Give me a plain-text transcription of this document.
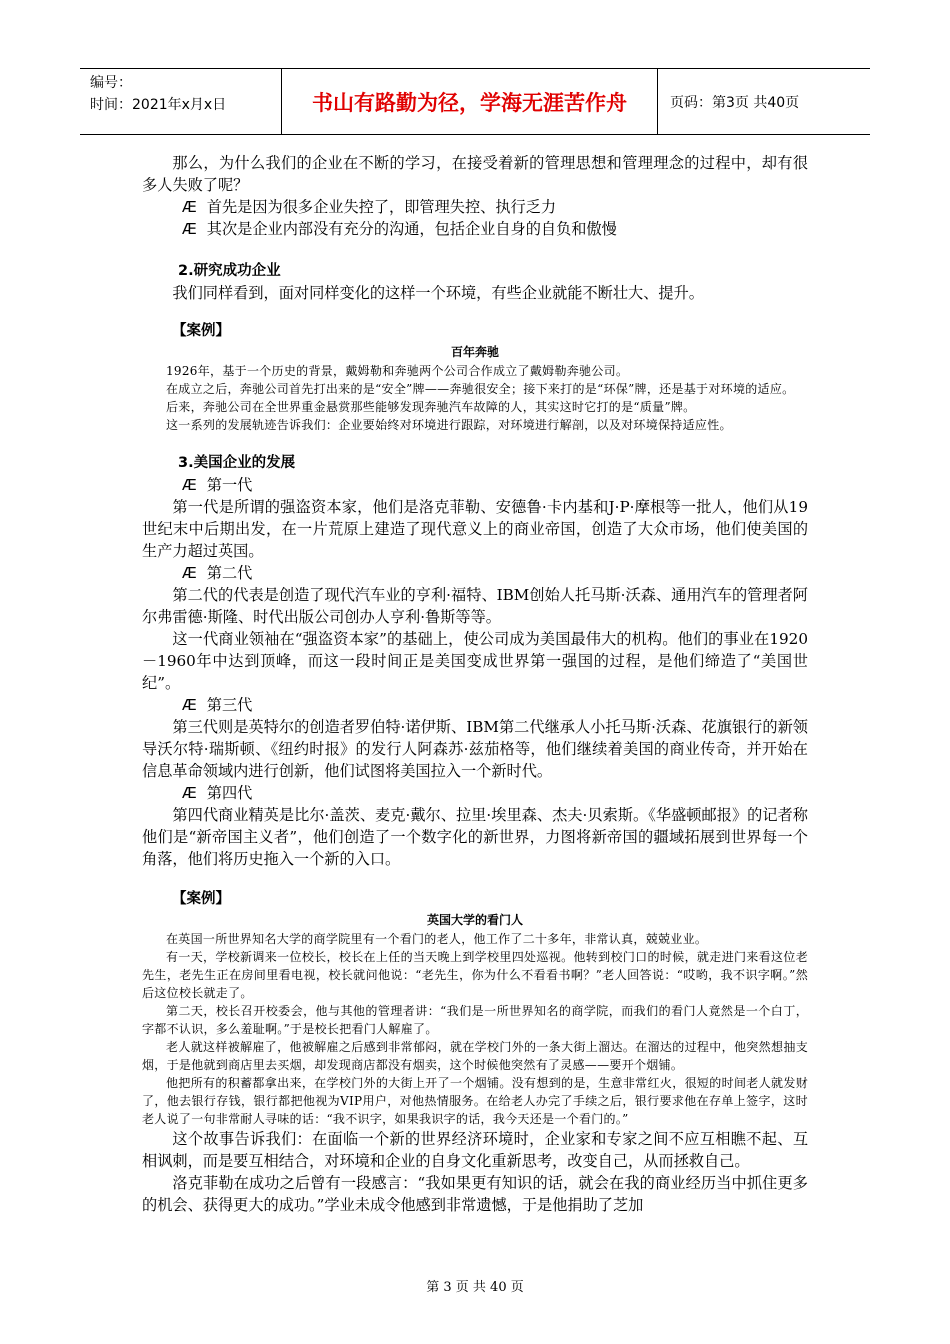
编号：
时间：2021年x月x日	书山有路勤为径，学海无涯苦作舟	页码：第3页 共40页

那么，为什么我们的企业在不断的学习，在接受着新的管理思想和管理理念的过程中，却有很多人失败了呢？

Æ 首先是因为很多企业失控了，即管理失控、执行乏力

Æ 其次是企业内部没有充分的沟通，包括企业自身的自负和傲慢

2.研究成功企业

我们同样看到，面对同样变化的这样一个环境，有些企业就能不断壮大、提升。

【案例】

百年奔驰

1926年，基于一个历史的背景，戴姆勒和奔驰两个公司合作成立了戴姆勒奔驰公司。

在成立之后，奔驰公司首先打出来的是“安全”牌——奔驰很安全；接下来打的是“环保”牌，还是基于对环境的适应。

后来，奔驰公司在全世界重金悬赏那些能够发现奔驰汽车故障的人，其实这时它打的是“质量”牌。

这一系列的发展轨迹告诉我们：企业要始终对环境进行跟踪，对环境进行解剖，以及对环境保持适应性。

3.美国企业的发展

Æ 第一代

第一代是所谓的强盗资本家，他们是洛克菲勒、安德鲁·卡内基和J·P·摩根等一批人，他们从19世纪末中后期出发，在一片荒原上建造了现代意义上的商业帝国，创造了大众市场，他们使美国的生产力超过英国。

Æ 第二代

第二代的代表是创造了现代汽车业的亨利·福特、IBM创始人托马斯·沃森、通用汽车的管理者阿尔弗雷德·斯隆、时代出版公司创办人亨利·鲁斯等等。

这一代商业领袖在“强盗资本家”的基础上，使公司成为美国最伟大的机构。他们的事业在1920－1960年中达到顶峰，而这一段时间正是美国变成世界第一强国的过程，是他们缔造了“美国世纪”。

Æ 第三代

第三代则是英特尔的创造者罗伯特·诺伊斯、IBM第二代继承人小托马斯·沃森、花旗银行的新领导沃尔特·瑞斯顿、《纽约时报》的发行人阿森苏·兹茄格等，他们继续着美国的商业传奇，并开始在信息革命领域内进行创新，他们试图将美国拉入一个新时代。

Æ 第四代

第四代商业精英是比尔·盖茨、麦克·戴尔、拉里·埃里森、杰夫·贝索斯。《华盛顿邮报》的记者称他们是“新帝国主义者”，他们创造了一个数字化的新世界，力图将新帝国的疆域拓展到世界每一个角落，他们将历史拖入一个新的入口。

【案例】

英国大学的看门人

在英国一所世界知名大学的商学院里有一个看门的老人，他工作了二十多年，非常认真，兢兢业业。

有一天，学校新调来一位校长，校长在上任的当天晚上到学校里四处巡视。他转到校门口的时候，就走进门来看这位老先生，老先生正在房间里看电视，校长就问他说：“老先生，你为什么不看看书啊？”老人回答说：“哎哟，我不识字啊。”然后这位校长就走了。

第二天，校长召开校委会，他与其他的管理者讲：“我们是一所世界知名的商学院，而我们的看门人竟然是一个白丁，字都不认识，多么羞耻啊。”于是校长把看门人解雇了。

老人就这样被解雇了，他被解雇之后感到非常郁闷，就在学校门外的一条大街上溜达。在溜达的过程中，他突然想抽支烟，于是他就到商店里去买烟，却发现商店都没有烟卖，这个时候他突然有了灵感——要开个烟铺。

他把所有的积蓄都拿出来，在学校门外的大街上开了一个烟铺。没有想到的是，生意非常红火，很短的时间老人就发财了，他去银行存钱，银行都把他视为VIP用户，对他热情服务。在给老人办完了手续之后，银行要求他在存单上签字，这时老人说了一句非常耐人寻味的话：“我不识字，如果我识字的话，我今天还是一个看门的。”

这个故事告诉我们：在面临一个新的世界经济环境时，企业家和专家之间不应互相瞧不起、互相讽刺，而是要互相结合，对环境和企业的自身文化重新思考，改变自己，从而拯救自己。

洛克菲勒在成功之后曾有一段感言：“我如果更有知识的话，就会在我的商业经历当中抓住更多的机会、获得更大的成功。”学业未成令他感到非常遗憾，于是他捐助了芝加

第 3 页 共 40 页
